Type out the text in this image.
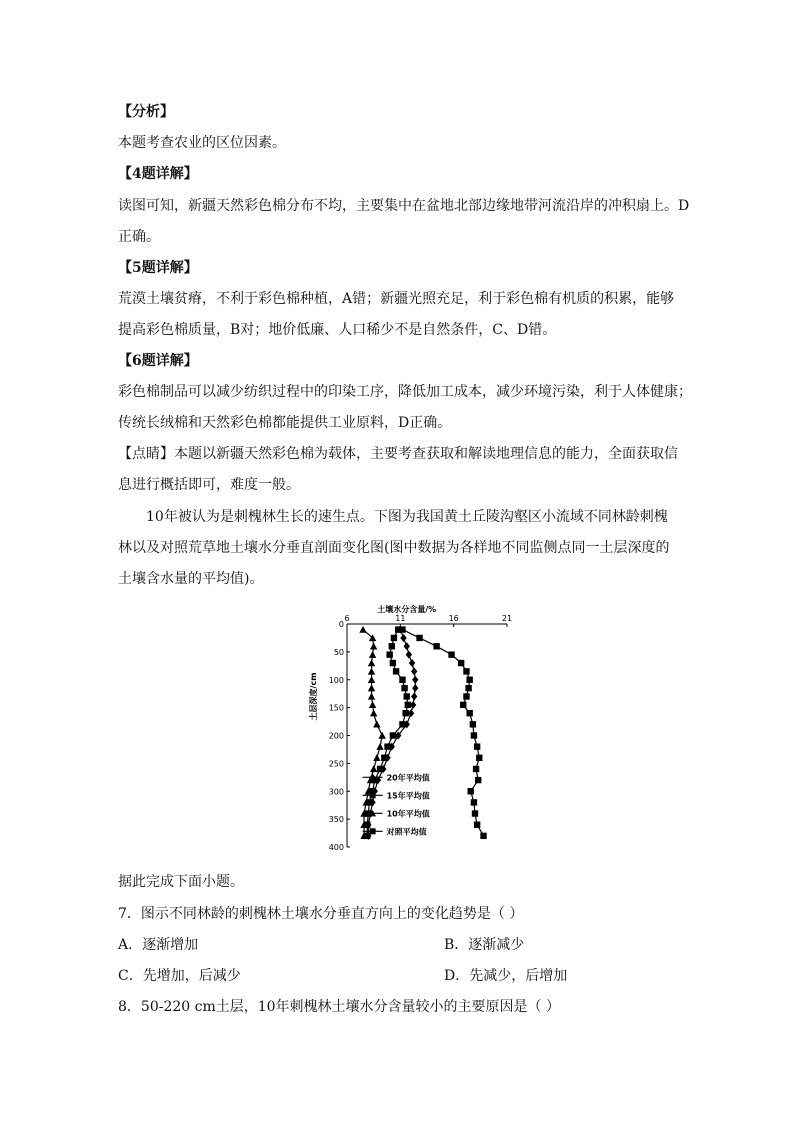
【分析】
本题考查农业的区位因素。
【4题详解】
读图可知，新疆天然彩色棉分布不均，主要集中在盆地北部边缘地带河流沿岸的冲积扇上。D
正确。
【5题详解】
荒漠土壤贫瘠，不利于彩色棉种植，A错；新疆光照充足，利于彩色棉有机质的积累，能够
提高彩色棉质量，B对；地价低廉、人口稀少不是自然条件，C、D错。
【6题详解】
彩色棉制品可以减少纺织过程中的印染工序，降低加工成本，减少环境污染，利于人体健康；
传统长绒棉和天然彩色棉都能提供工业原料，D正确。
【点睛】本题以新疆天然彩色棉为载体，主要考查获取和解读地理信息的能力，全面获取信
息进行概括即可，难度一般。
10年被认为是刺槐林生长的速生点。下图为我国黄土丘陵沟壑区小流域不同林龄刺槐
林以及对照荒草地土壤水分垂直剖面变化图(图中数据为各样地不同监侧点同一土层深度的
土壤含水量的平均值)。
6	11	16	21
0
50
100
150
200
250
300
350
400
土壤水分含量/%
土层深度/cm
20年平均值
15年平均值
10年平均值
对照平均值
据此完成下面小题。
7．图示不同林龄的刺槐林土壤水分垂直方向上的变化趋势是（ ）
A．逐渐增加	B．逐渐减少
C．先增加，后减少	D．先减少，后增加
8．50-220 cm土层，10年刺槐林土壤水分含量较小的主要原因是（ ）
